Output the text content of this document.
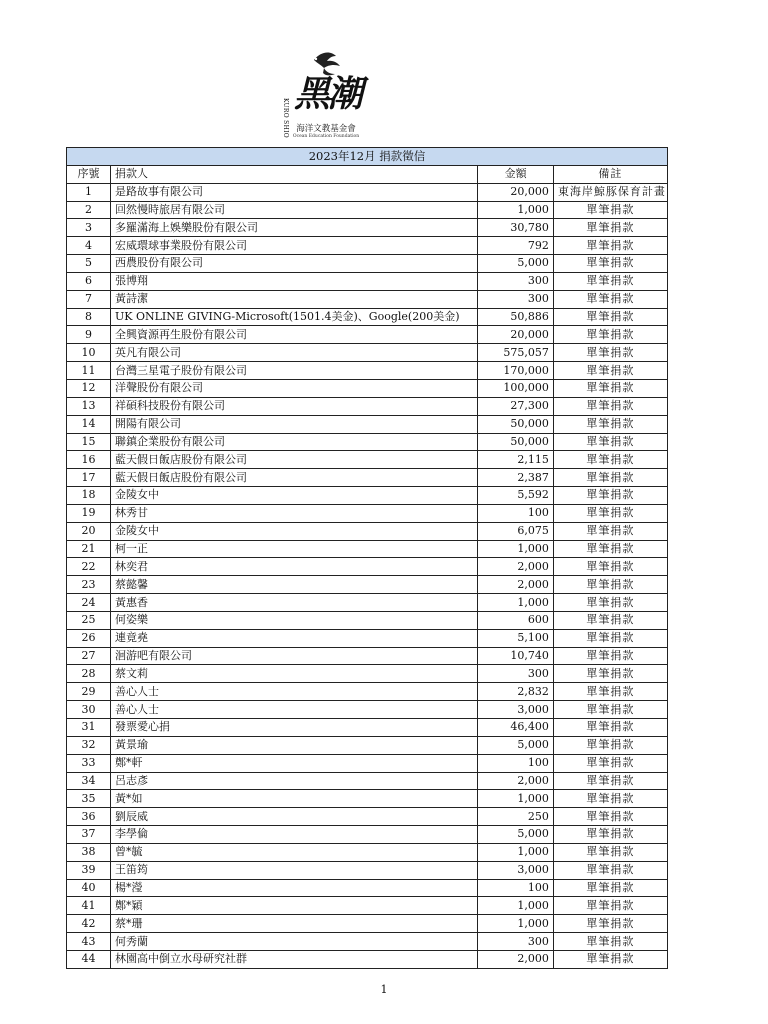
KURO SHIO
黑潮
海洋文教基金會
Ocean Education Foundation
2023年12月 捐款徵信			
序號	捐款人	金額	備註
1	是路故事有限公司	20,000	東海岸鯨豚保育計畫
2	回然慢時旅居有限公司	1,000	單筆捐款
3	多羅滿海上娛樂股份有限公司	30,780	單筆捐款
4	宏威環球事業股份有限公司	792	單筆捐款
5	西農股份有限公司	5,000	單筆捐款
6	張博翔	300	單筆捐款
7	黃詩潔	300	單筆捐款
8	UK ONLINE GIVING-Microsoft(1501.4美金)、Google(200美金)	50,886	單筆捐款
9	全興資源再生股份有限公司	20,000	單筆捐款
10	英凡有限公司	575,057	單筆捐款
11	台灣三星電子股份有限公司	170,000	單筆捐款
12	洋聲股份有限公司	100,000	單筆捐款
13	祥碩科技股份有限公司	27,300	單筆捐款
14	開陽有限公司	50,000	單筆捐款
15	聯鎮企業股份有限公司	50,000	單筆捐款
16	藍天假日飯店股份有限公司	2,115	單筆捐款
17	藍天假日飯店股份有限公司	2,387	單筆捐款
18	金陵女中	5,592	單筆捐款
19	林秀甘	100	單筆捐款
20	金陵女中	6,075	單筆捐款
21	柯一正	1,000	單筆捐款
22	林奕君	2,000	單筆捐款
23	蔡懿馨	2,000	單筆捐款
24	黃惠香	1,000	單筆捐款
25	何姿樂	600	單筆捐款
26	連竟堯	5,100	單筆捐款
27	洄游吧有限公司	10,740	單筆捐款
28	蔡文莉	300	單筆捐款
29	善心人士	2,832	單筆捐款
30	善心人士	3,000	單筆捐款
31	發票愛心捐	46,400	單筆捐款
32	黃景瑜	5,000	單筆捐款
33	鄭*軒	100	單筆捐款
34	呂志彥	2,000	單筆捐款
35	黃*如	1,000	單筆捐款
36	劉辰威	250	單筆捐款
37	李學倫	5,000	單筆捐款
38	曾*毓	1,000	單筆捐款
39	王笛筠	3,000	單筆捐款
40	楊*瀅	100	單筆捐款
41	鄭*穎	1,000	單筆捐款
42	蔡*珊	1,000	單筆捐款
43	何秀蘭	300	單筆捐款
44	林園高中倒立水母研究社群	2,000	單筆捐款
1
